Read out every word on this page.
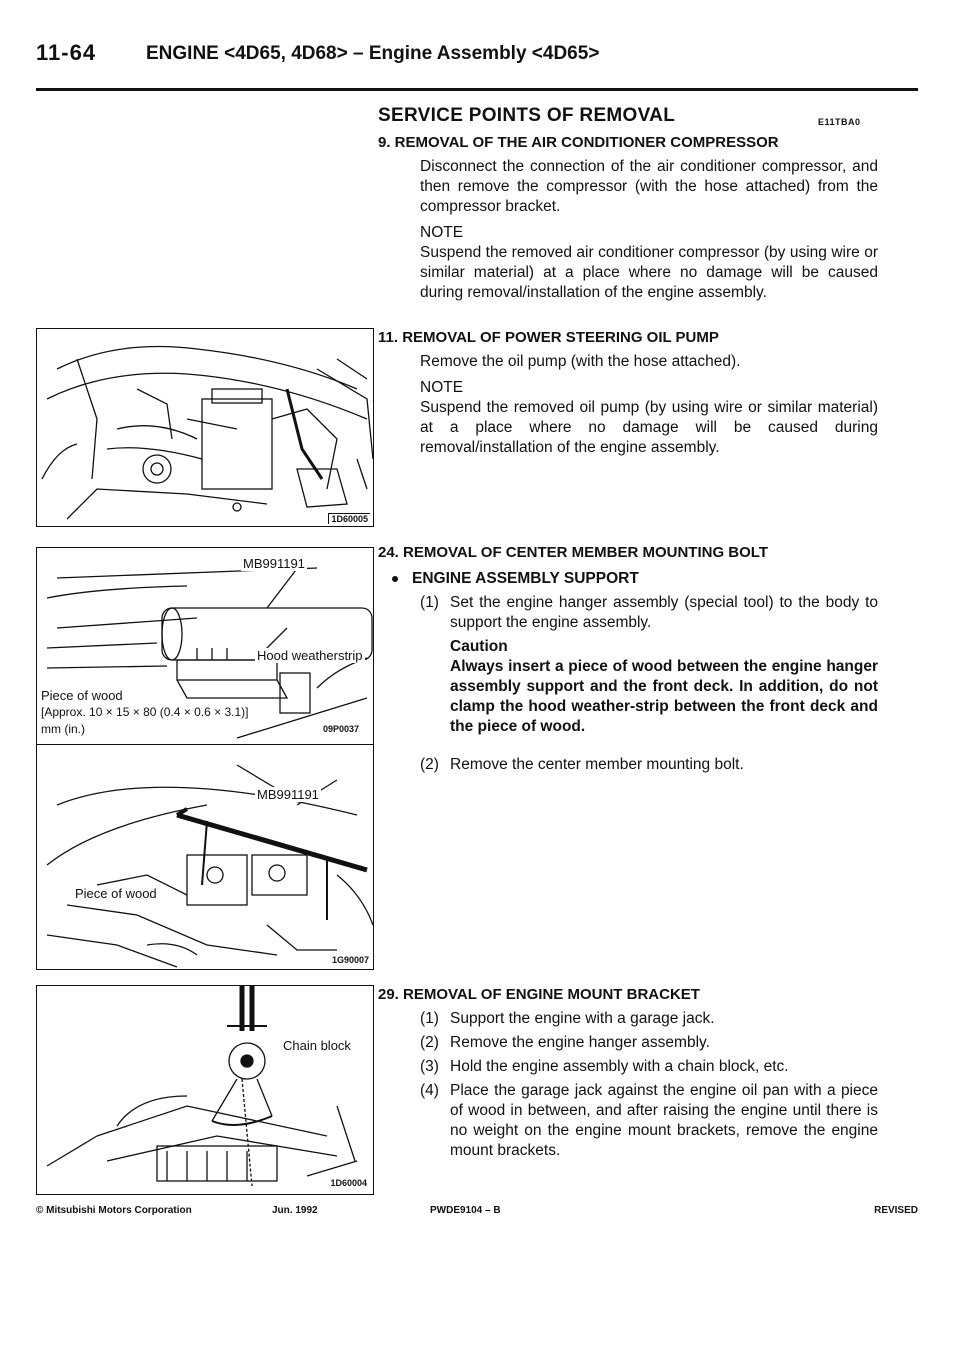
11-64	ENGINE <4D65, 4D68> – Engine Assembly <4D65>
SERVICE POINTS OF REMOVAL	E11TBA0
9. REMOVAL OF THE AIR CONDITIONER COMPRESSOR

Disconnect the connection of the air conditioner compressor, and then remove the compressor (with the hose attached) from the compressor bracket.

NOTE

Suspend the removed air conditioner compressor (by using wire or similar material) at a place where no damage will be caused during removal/installation of the engine assembly.

11. REMOVAL OF POWER STEERING OIL PUMP

Remove the oil pump (with the hose attached).

NOTE

Suspend the removed oil pump (by using wire or similar material) at a place where no damage will be caused during removal/installation of the engine assembly.

24. REMOVAL OF CENTER MEMBER MOUNTING BOLT
ENGINE ASSEMBLY SUPPORT
(1) Set the engine hanger assembly (special tool) to the body to support the engine assembly.

Caution

Always insert a piece of wood between the engine hanger assembly support and the front deck. In addition, do not clamp the hood weather-strip between the front deck and the piece of wood.

(2) Remove the center member mounting bolt.

29. REMOVAL OF ENGINE MOUNT BRACKET
(1) Support the engine with a garage jack.

(2) Remove the engine hanger assembly.

(3) Hold the engine assembly with a chain block, etc.

(4) Place the garage jack against the engine oil pan with a piece of wood in between, and after raising the engine until there is no weight on the engine mount brackets, remove the engine mount brackets.

1D60005
MB991191
Hood weatherstrip
Piece of wood
[Approx. 10 × 15 × 80 (0.4 × 0.6 × 3.1)]
mm (in.)	09P0037
MB991191
Piece of wood
1G90007
Chain block
1D60004
© Mitsubishi Motors Corporation	Jun. 1992	PWDE9104 – B	REVISED
